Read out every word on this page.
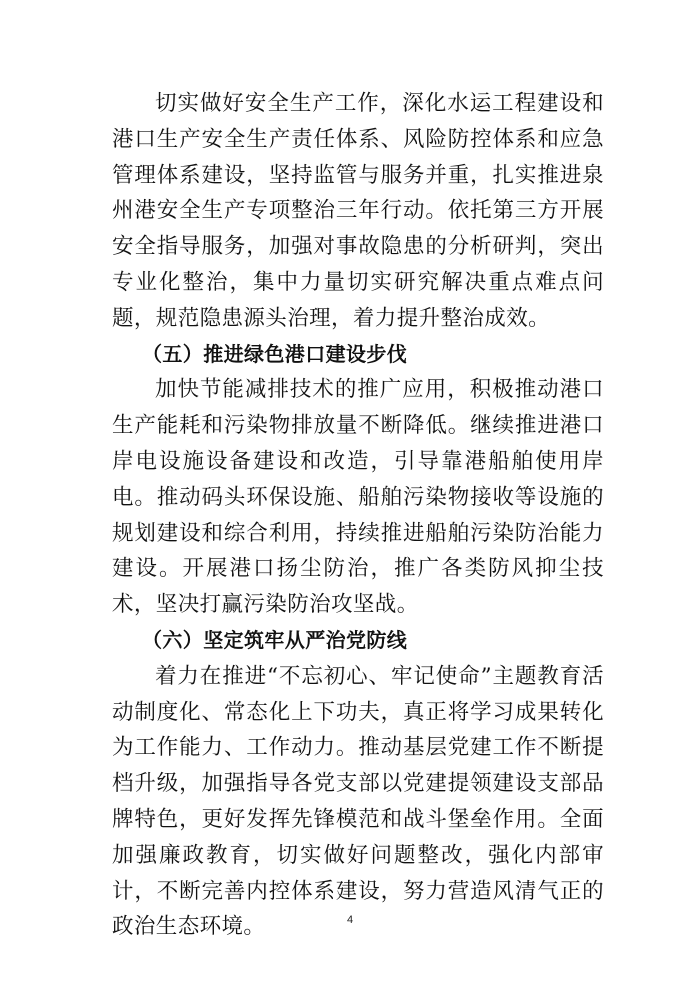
切实做好安全生产工作，深化水运工程建设和港口生产安全生产责任体系、风险防控体系和应急管理体系建设，坚持监管与服务并重，扎实推进泉州港安全生产专项整治三年行动。依托第三方开展安全指导服务，加强对事故隐患的分析研判，突出专业化整治，集中力量切实研究解决重点难点问题，规范隐患源头治理，着力提升整治成效。

（五）推进绿色港口建设步伐

加快节能减排技术的推广应用，积极推动港口生产能耗和污染物排放量不断降低。继续推进港口岸电设施设备建设和改造，引导靠港船舶使用岸电。推动码头环保设施、船舶污染物接收等设施的规划建设和综合利用，持续推进船舶污染防治能力建设。开展港口扬尘防治，推广各类防风抑尘技术，坚决打赢污染防治攻坚战。

（六）坚定筑牢从严治党防线

着力在推进“不忘初心、牢记使命”主题教育活动制度化、常态化上下功夫，真正将学习成果转化为工作能力、工作动力。推动基层党建工作不断提档升级，加强指导各党支部以党建提领建设支部品牌特色，更好发挥先锋模范和战斗堡垒作用。全面加强廉政教育，切实做好问题整改，强化内部审计，不断完善内控体系建设，努力营造风清气正的政治生态环境。	4
